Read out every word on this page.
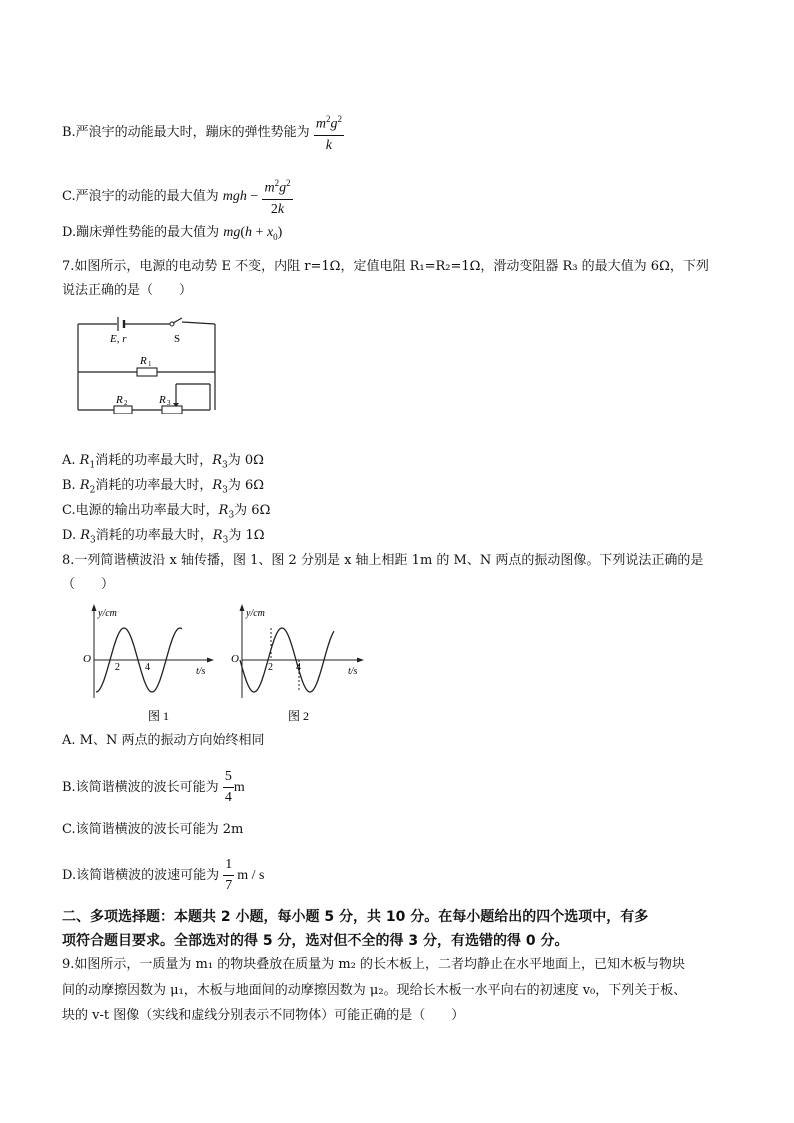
B.严浪宇的动能最大时，蹦床的弹性势能为 $\frac{m^2g^2}{k}$
C.严浪宇的动能的最大值为 mgh − $\frac{m^2g^2}{2k}$
D.蹦床弹性势能的最大值为 $mg(h + x_0)$
7.如图所示，电源的电动势 E 不变，内阻 r=1Ω，定值电阻 R₁=R₂=1Ω，滑动变阻器 R₃ 的最大值为 6Ω，下列
说法正确的是（　　）
E, r	S
R 1
R 2	R 3
A. $R_1$消耗的功率最大时，$R_3$为 0Ω
B. $R_2$消耗的功率最大时，$R_3$为 6Ω
C.电源的输出功率最大时，$R_3$为 6Ω
D. $R_3$消耗的功率最大时，$R_3$为 1Ω
8.一列简谐横波沿 x 轴传播，图 1、图 2 分别是 x 轴上相距 1m 的 M、N 两点的振动图像。下列说法正确的是
（　　）
y/cm
t/s
O
2	4
图 1
y/cm
t/s
O
2 4
图 2
A. M、N 两点的振动方向始终相同
B.该简谐横波的波长可能为 $\frac{5}{4}$ m
C.该简谐横波的波长可能为 2m
D.该简谐横波的波速可能为 $\frac{1}{7}$ m / s
二、多项选择题：本题共 2 小题，每小题 5 分，共 10 分。在每小题给出的四个选项中，有多
项符合题目要求。全部选对的得 5 分，选对但不全的得 3 分，有选错的得 0 分。
9.如图所示，一质量为 m₁ 的物块叠放在质量为 m₂ 的长木板上，二者均静止在水平地面上，已知木板与物块
间的动摩擦因数为 μ₁，木板与地面间的动摩擦因数为 μ₂。现给长木板一水平向右的初速度 v₀，下列关于板、
块的 v-t 图像（实线和虚线分别表示不同物体）可能正确的是（　　）
